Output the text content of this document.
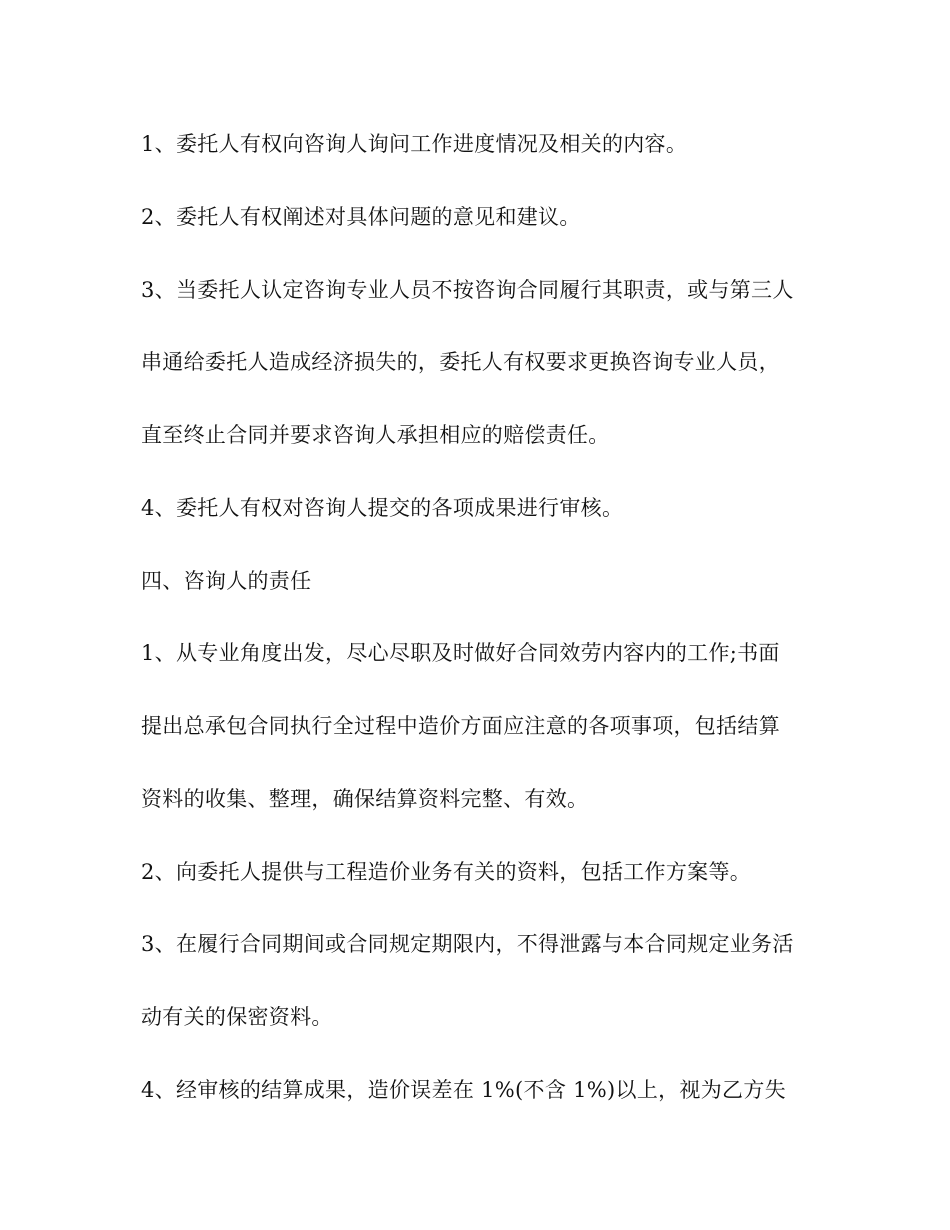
1、委托人有权向咨询人询问工作进度情况及相关的内容。
2、委托人有权阐述对具体问题的意见和建议。
3、当委托人认定咨询专业人员不按咨询合同履行其职责，或与第三人
串通给委托人造成经济损失的，委托人有权要求更换咨询专业人员，
直至终止合同并要求咨询人承担相应的赔偿责任。
4、委托人有权对咨询人提交的各项成果进行审核。
四、咨询人的责任
1、从专业角度出发，尽心尽职及时做好合同效劳内容内的工作;书面
提出总承包合同执行全过程中造价方面应注意的各项事项，包括结算
资料的收集、整理，确保结算资料完整、有效。
2、向委托人提供与工程造价业务有关的资料，包括工作方案等。
3、在履行合同期间或合同规定期限内，不得泄露与本合同规定业务活
动有关的保密资料。
4、经审核的结算成果，造价误差在 1%(不含 1%)以上，视为乙方失
